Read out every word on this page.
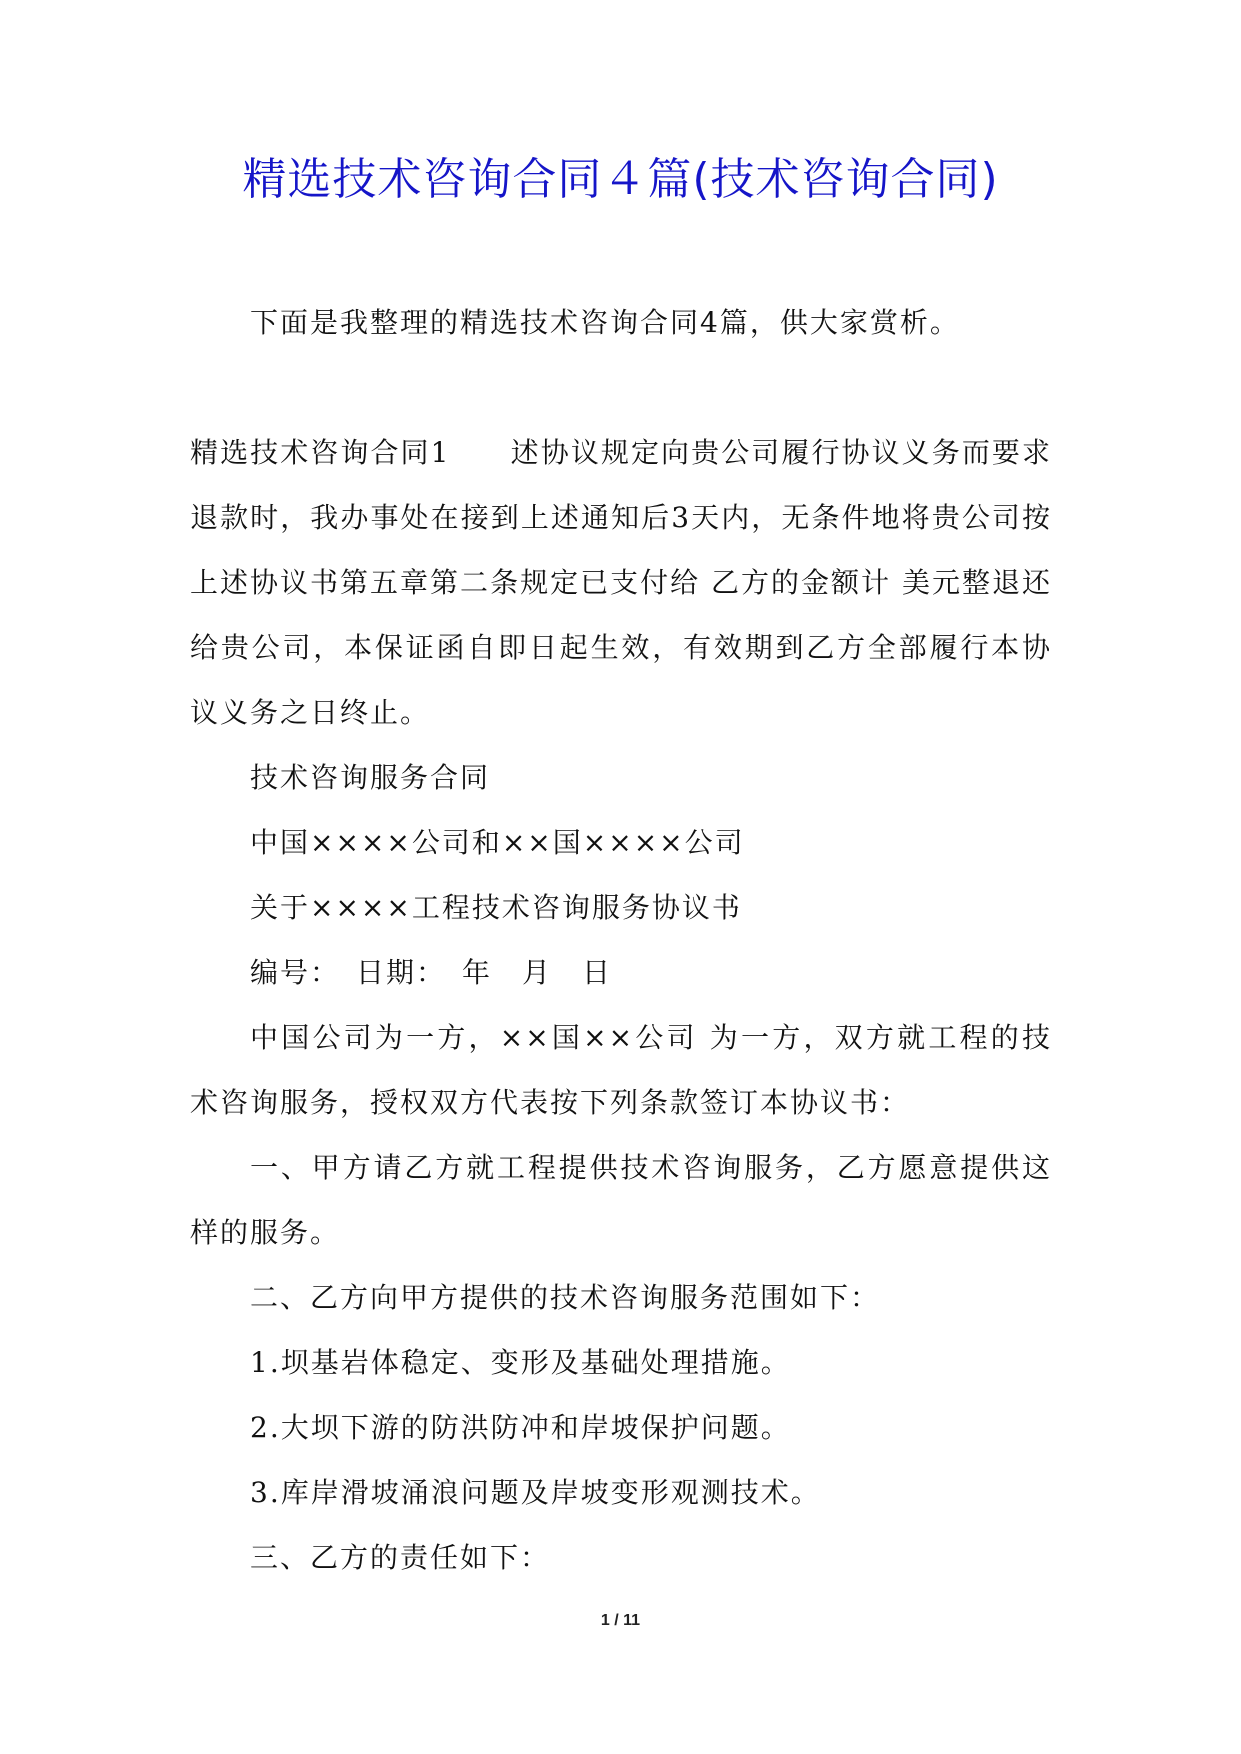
精选技术咨询合同４篇(技术咨询合同)

下面是我整理的精选技术咨询合同4篇，供大家赏析。

精选技术咨询合同1　　述协议规定向贵公司履行协议义务而要求退款时，我办事处在接到上述通知后3天内，无条件地将贵公司按上述协议书第五章第二条规定已支付给 乙方的金额计 美元整退还给贵公司，本保证函自即日起生效，有效期到乙方全部履行本协议义务之日终止。

技术咨询服务合同

中国××××公司和××国××××公司

关于××××工程技术咨询服务协议书

编号：　日期：　年　月　日

中国公司为一方，××国××公司 为一方，双方就工程的技术咨询服务，授权双方代表按下列条款签订本协议书：

一、甲方请乙方就工程提供技术咨询服务，乙方愿意提供这样的服务。

二、乙方向甲方提供的技术咨询服务范围如下：

1.坝基岩体稳定、变形及基础处理措施。

2.大坝下游的防洪防冲和岸坡保护问题。

3.库岸滑坡涌浪问题及岸坡变形观测技术。

三、乙方的责任如下：

1 / 11
